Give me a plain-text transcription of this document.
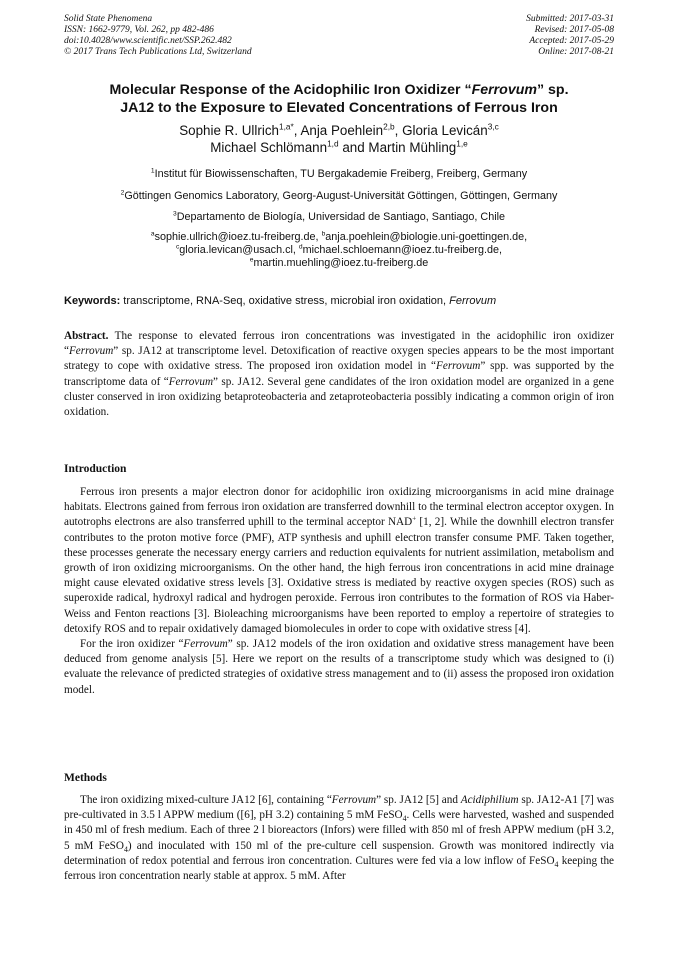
Solid State Phenomena
ISSN: 1662-9779, Vol. 262, pp 482-486
doi:10.4028/www.scientific.net/SSP.262.482
© 2017 Trans Tech Publications Ltd, Switzerland
Submitted: 2017-03-31
Revised: 2017-05-08
Accepted: 2017-05-29
Online: 2017-08-21
Molecular Response of the Acidophilic Iron Oxidizer “Ferrovum” sp.
JA12 to the Exposure to Elevated Concentrations of Ferrous Iron
Sophie R. Ullrich$^{1,a*}$, Anja Poehlein$^{2,b}$, Gloria Levicán$^{3,c}$
Michael Schlömann$^{1,d}$ and Martin Mühling$^{1,e}$
$^1$Institut für Biowissenschaften, TU Bergakademie Freiberg, Freiberg, Germany
$^2$Göttingen Genomics Laboratory, Georg-August-Universität Göttingen, Göttingen, Germany
$^3$Departamento de Biología, Universidad de Santiago, Santiago, Chile
$^a$sophie.ullrich@ioez.tu-freiberg.de, $^b$anja.poehlein@biologie.uni-goettingen.de,
$^c$gloria.levican@usach.cl, $^d$michael.schloemann@ioez.tu-freiberg.de,
$^e$martin.muehling@ioez.tu-freiberg.de
Keywords: transcriptome, RNA-Seq, oxidative stress, microbial iron oxidation, Ferrovum

Abstract. The response to elevated ferrous iron concentrations was investigated in the acidophilic iron oxidizer “Ferrovum” sp. JA12 at transcriptome level. Detoxification of reactive oxygen species appears to be the most important strategy to cope with oxidative stress. The proposed iron oxidation model in “Ferrovum” spp. was supported by the transcriptome data of “Ferrovum” sp. JA12. Several gene candidates of the iron oxidation model are organized in a gene cluster conserved in iron oxidizing betaproteobacteria and zetaproteobacteria possibly indicating a common origin of iron oxidation.

Introduction

Ferrous iron presents a major electron donor for acidophilic iron oxidizing microorganisms in acid mine drainage habitats. Electrons gained from ferrous iron oxidation are transferred downhill to the terminal electron acceptor oxygen. In autotrophs electrons are also transferred uphill to the terminal acceptor NAD+ [1, 2]. While the downhill electron transfer contributes to the proton motive force (PMF), ATP synthesis and uphill electron transfer consume PMF. Taken together, these processes generate the necessary energy carriers and reduction equivalents for nutrient assimilation, metabolism and growth of iron oxidizing microorganisms. On the other hand, the high ferrous iron concentrations in acid mine drainage might cause elevated oxidative stress levels [3]. Oxidative stress is mediated by reactive oxygen species (ROS) such as superoxide radical, hydroxyl radical and hydrogen peroxide. Ferrous iron contributes to the formation of ROS via Haber-Weiss and Fenton reactions [3]. Bioleaching microorganisms have been reported to employ a repertoire of strategies to detoxify ROS and to repair oxidatively damaged biomolecules in order to cope with oxidative stress [4].

For the iron oxidizer “Ferrovum” sp. JA12 models of the iron oxidation and oxidative stress management have been deduced from genome analysis [5]. Here we report on the results of a transcriptome study which was designed to (i) evaluate the relevance of predicted strategies of oxidative stress management and to (ii) assess the proposed iron oxidation model.

Methods

The iron oxidizing mixed-culture JA12 [6], containing “Ferrovum” sp. JA12 [5] and Acidiphilium sp. JA12-A1 [7] was pre-cultivated in 3.5 l APPW medium ([6], pH 3.2) containing 5 mM FeSO$_4$. Cells were harvested, washed and suspended in 450 ml of fresh medium. Each of three 2 l bioreactors (Infors) were filled with 850 ml of fresh APPW medium (pH 3.2, 5 mM FeSO$_4$) and inoculated with 150 ml of the pre-culture cell suspension. Growth was monitored indirectly via determination of redox potential and ferrous iron concentration. Cultures were fed via a low inflow of FeSO$_4$ keeping the ferrous iron concentration nearly stable at approx. 5 mM. After
